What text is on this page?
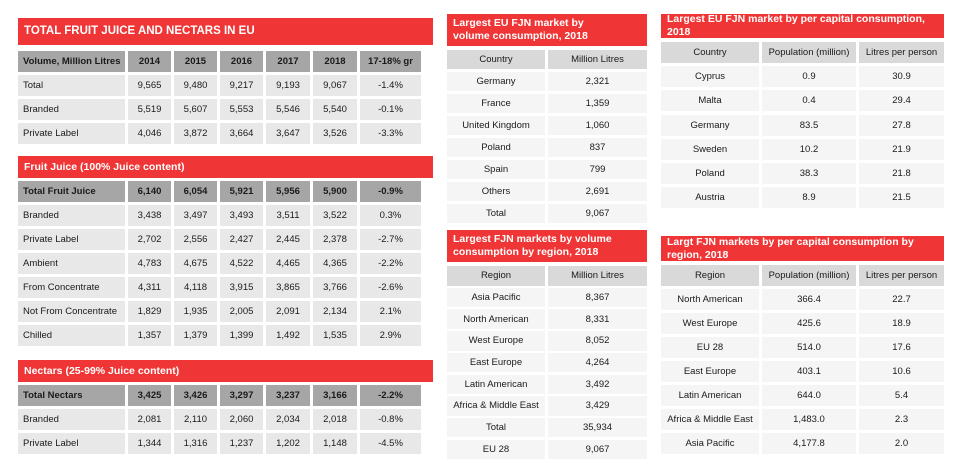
TOTAL FRUIT JUICE AND NECTARS IN EU
Volume, Million Litres	2014	2015	2016	2017	2018	17-18% gr
Total	9,565	9,480	9,217	9,193	9,067	-1.4%
Branded	5,519	5,607	5,553	5,546	5,540	-0.1%
Private Label	4,046	3,872	3,664	3,647	3,526	-3.3%
Fruit Juice (100% Juice content)
Total Fruit Juice	6,140	6,054	5,921	5,956	5,900	-0.9%
Branded	3,438	3,497	3,493	3,511	3,522	0.3%
Private Label	2,702	2,556	2,427	2,445	2,378	-2.7%
Ambient	4,783	4,675	4,522	4,465	4,365	-2.2%
From Concentrate	4,311	4,118	3,915	3,865	3,766	-2.6%
Not From Concentrate	1,829	1,935	2,005	2,091	2,134	2.1%
Chilled	1,357	1,379	1,399	1,492	1,535	2.9%
Nectars (25-99% Juice content)
Total Nectars	3,425	3,426	3,297	3,237	3,166	-2.2%
Branded	2,081	2,110	2,060	2,034	2,018	-0.8%
Private Label	1,344	1,316	1,237	1,202	1,148	-4.5%
Largest EU FJN market by
volume consumption, 2018
Country	Million Litres
Germany	2,321
France	1,359
United Kingdom	1,060
Poland	837
Spain	799
Others	2,691
Total	9,067
Largest FJN markets by volume
consumption by region, 2018
Region	Million Litres
Asia Pacific	8,367
North American	8,331
West Europe	8,052
East Europe	4,264
Latin American	3,492
Africa & Middle East	3,429
Total	35,934
EU 28	9,067
Largest EU FJN market by per capital consumption, 2018
Country	Population (million)	Litres per person
Cyprus	0.9	30.9
Malta	0.4	29.4
Germany	83.5	27.8
Sweden	10.2	21.9
Poland	38.3	21.8
Austria	8.9	21.5
Largt FJN markets by per capital consumption by region, 2018
Region	Population (million)	Litres per person
North American	366.4	22.7
West Europe	425.6	18.9
EU 28	514.0	17.6
East Europe	403.1	10.6
Latin American	644.0	5.4
Africa & Middle East	1,483.0	2.3
Asia Pacific	4,177.8	2.0
